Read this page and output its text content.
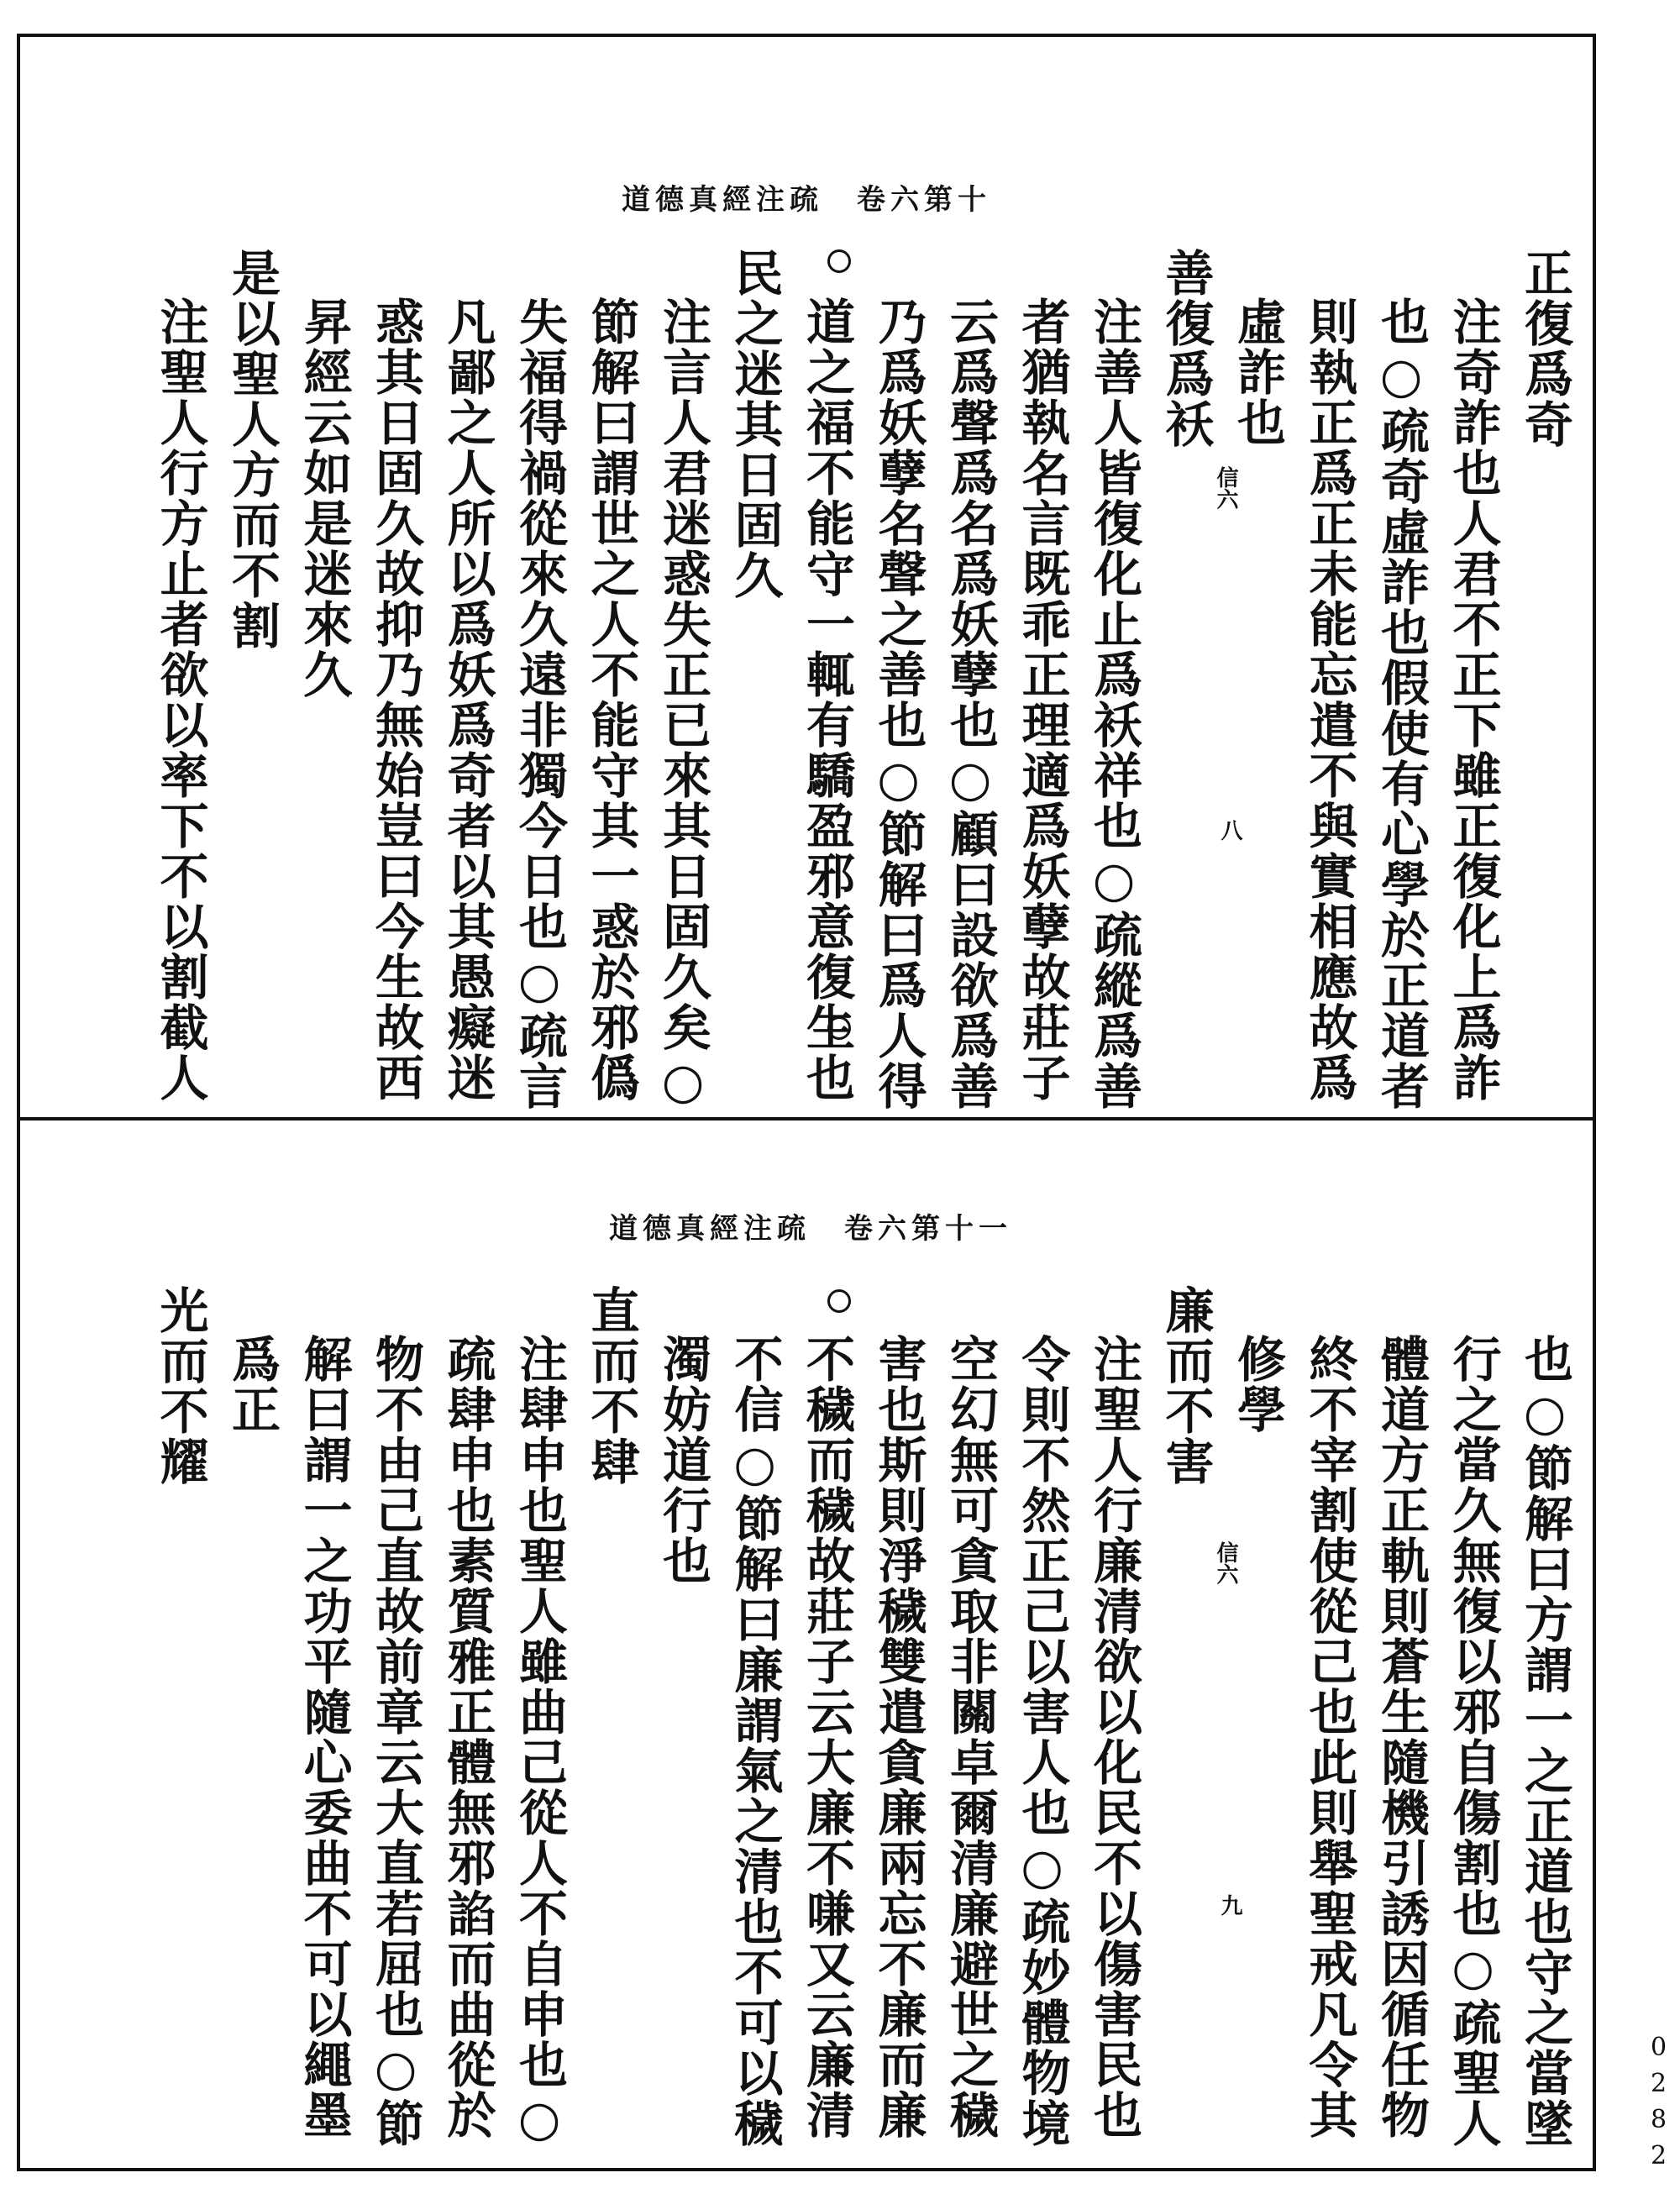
道德真經注疏　卷六第十
信六
八
正復爲奇
注奇詐也人君不正下雖正復化上爲詐
也○疏奇虛詐也假使有心學於正道者
則執正爲正未能忘遣不與實相應故爲
虛詐也
善復爲袄
注善人皆復化止爲袄祥也○疏縱爲善
者猶執名言既乖正理適爲妖孽故莊子
云爲聲爲名爲妖孽也○顧曰設欲爲善
乃爲妖孽名聲之善也○節解曰爲人得
道之福不能守一輒有驕盈邪意復生也
民之迷其日固久
注言人君迷惑失正已來其日固久矣○
節解曰謂世之人不能守其一惑於邪僞
失福得禍從來久遠非獨今日也○疏言
凡鄙之人所以爲妖爲奇者以其愚癡迷
惑其日固久故抑乃無始豈曰今生故西
昇經云如是迷來久
是以聖人方而不割
注聖人行方止者欲以率下不以割截人
道德真經注疏　卷六第十一
信六
九	也○節解曰方謂一之正道也守之當墜
行之當久無復以邪自傷割也○疏聖人
體道方正軌則蒼生隨機引誘因循任物
終不宰割使從己也此則舉聖戒凡令其
修學
廉而不害
注聖人行廉清欲以化民不以傷害民也
令則不然正己以害人也○疏妙體物境
空幻無可貪取非關卓爾清廉避世之穢
害也斯則淨穢雙遣貪廉兩忘不廉而廉
不穢而穢故莊子云大廉不嗛又云廉清
不信○節解曰廉謂氣之清也不可以穢
濁妨道行也
直而不肆
注肆申也聖人雖曲己從人不自申也○
疏肆申也素質雅正體無邪諂而曲從於
物不由己直故前章云大直若屈也○節
解曰謂一之功平隨心委曲不可以繩墨
爲正
光而不耀
0282
